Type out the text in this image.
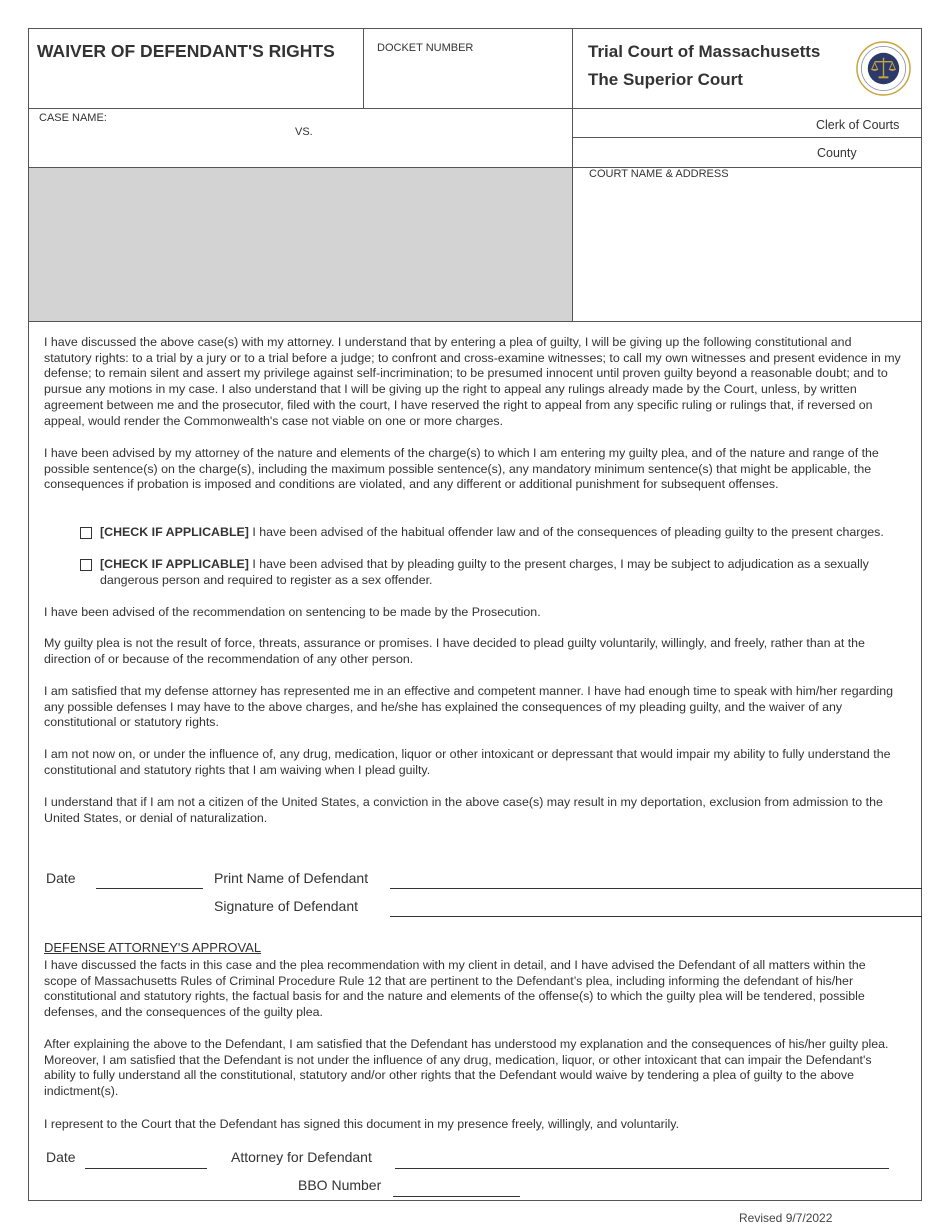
WAIVER OF DEFENDANT'S RIGHTS	DOCKET NUMBER	Trial Court of Massachusetts
The Superior Court
CASE NAME:
VS.	Clerk of Courts
County
COURT NAME & ADDRESS

I have discussed the above case(s) with my attorney. I understand that by entering a plea of guilty, I will be giving up the following constitutional and statutory rights: to a trial by a jury or to a trial before a judge; to confront and cross-examine witnesses; to call my own witnesses and present evidence in my defense; to remain silent and assert my privilege against self-incrimination; to be presumed innocent until proven guilty beyond a reasonable doubt; and to pursue any motions in my case. I also understand that I will be giving up the right to appeal any rulings already made by the Court, unless, by written agreement between me and the prosecutor, filed with the court, I have reserved the right to appeal from any specific ruling or rulings that, if reversed on appeal, would render the Commonwealth's case not viable on one or more charges.

I have been advised by my attorney of the nature and elements of the charge(s) to which I am entering my guilty plea, and of the nature and range of the possible sentence(s) on the charge(s), including the maximum possible sentence(s), any mandatory minimum sentence(s) that might be applicable, the consequences if probation is imposed and conditions are violated, and any different or additional punishment for subsequent offenses.

[CHECK IF APPLICABLE] I have been advised of the habitual offender law and of the consequences of pleading guilty to the present charges.
[CHECK IF APPLICABLE] I have been advised that by pleading guilty to the present charges, I may be subject to adjudication as a sexually dangerous person and required to register as a sex offender.

I have been advised of the recommendation on sentencing to be made by the Prosecution.

My guilty plea is not the result of force, threats, assurance or promises. I have decided to plead guilty voluntarily, willingly, and freely, rather than at the direction of or because of the recommendation of any other person.

I am satisfied that my defense attorney has represented me in an effective and competent manner. I have had enough time to speak with him/her regarding any possible defenses I may have to the above charges, and he/she has explained the consequences of my pleading guilty, and the waiver of any constitutional or statutory rights.

I am not now on, or under the influence of, any drug, medication, liquor or other intoxicant or depressant that would impair my ability to fully understand the constitutional and statutory rights that I am waiving when I plead guilty.

I understand that if I am not a citizen of the United States, a conviction in the above case(s) may result in my deportation, exclusion from admission to the United States, or denial of naturalization.

Date	Print Name of Defendant
Signature of Defendant
DEFENSE ATTORNEY'S APPROVAL

I have discussed the facts in this case and the plea recommendation with my client in detail, and I have advised the Defendant of all matters within the scope of Massachusetts Rules of Criminal Procedure Rule 12 that are pertinent to the Defendant’s plea, including informing the defendant of his/her constitutional and statutory rights, the factual basis for and the nature and elements of the offense(s) to which the guilty plea will be tendered, possible defenses, and the consequences of the guilty plea.

After explaining the above to the Defendant, I am satisfied that the Defendant has understood my explanation and the consequences of his/her guilty plea. Moreover, I am satisfied that the Defendant is not under the influence of any drug, medication, liquor, or other intoxicant that can impair the Defendant's ability to fully understand all the constitutional, statutory and/or other rights that the Defendant would waive by tendering a plea of guilty to the above indictment(s).

I represent to the Court that the Defendant has signed this document in my presence freely, willingly, and voluntarily.

Date	Attorney for Defendant
BBO Number
Revised 9/7/2022
